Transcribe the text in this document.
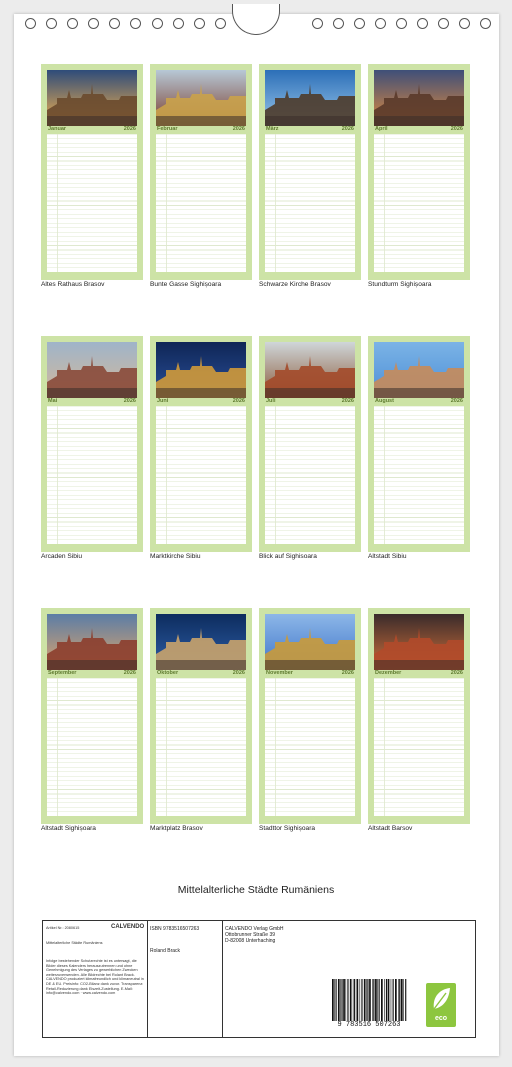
Januar	2026
Altes Rathaus Brasov
Februar	2026
Bunte Gasse Sighișoara
März	2026
Schwarze Kirche Brasov
April	2026
Stundturm Sighișoara
Mai	2026
Arcaden Sibiu
Juni	2026
Marktkirche Sibiu
Juli	2026
Blick auf Sighisoara
August	2026
Altstadt Sibiu
September	2026
Altstadt Sighișoara
Oktober	2026
Marktplatz Brasov
November	2026
Stadttor Sighișoara
Dezember	2026
Altstadt Barsov
Mittelalterliche Städte Rumäniens
Artikel Nr.: 2080615	CALVENDO
Mittelalterliche Städte Rumäniens
Infolge bestehender Schutzrechte ist es untersagt, die Bilder dieses Kalenders herauszutrennen und ohne Genehmigung des Verlages zu gewerblichen Zwecken weiterzuverwenden. Alle Bildrechte bei Rolant Brack. CALVENDO produziert klimafreundlich und klimaneutral in DE & EU. Preisinfo: CO2-Bilanz dank zuvor. Transparenz: Retail-Reduzierung dank Eiszeit-Zustellung. E-Mail: info@calvendo.com · www.calvendo.com
ISBN 9783516507263
Roland Brack
CALVENDO Verlag GmbH
Ottobrunner Straße 39
D-82008 Unterhaching
9 783516 507263
eco
